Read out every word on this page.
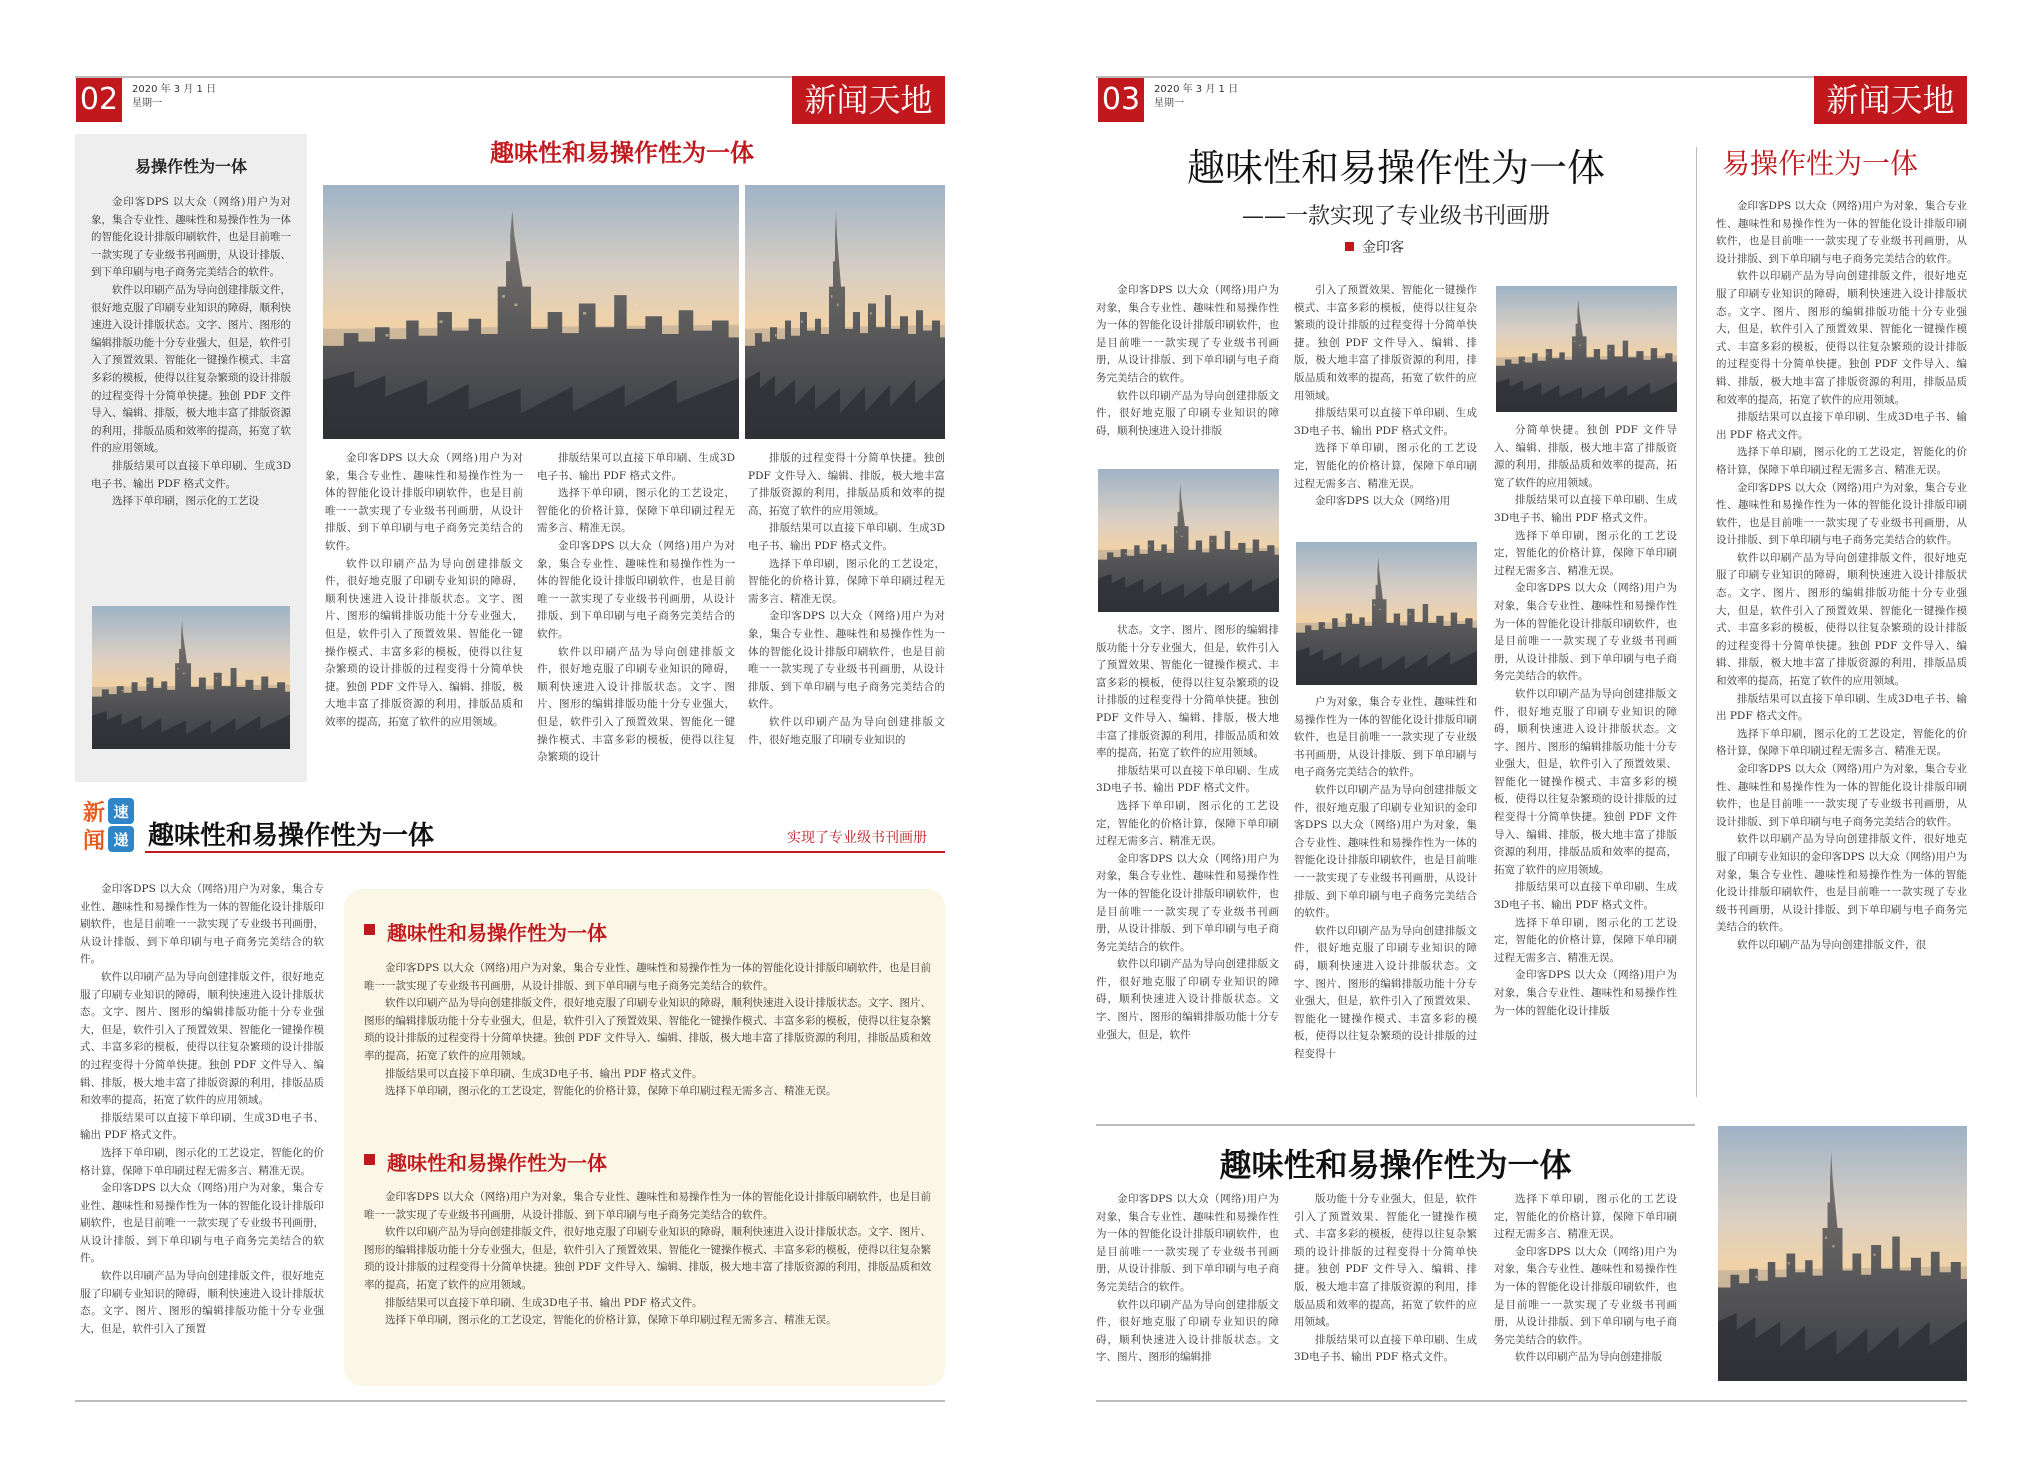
02	2020 年 3 月 1 日
星期一	新闻天地
易操作性为一体

金印客DPS 以大众（网络)用户为对象，集合专业性、趣味性和易操作性为一体的智能化设计排版印刷软件，也是目前唯一一款实现了专业级书刊画册，从设计排版、到下单印刷与电子商务完美结合的软件。

软件以印刷产品为导向创建排版文件，很好地克服了印刷专业知识的障碍，顺利快速进入设计排版状态。文字、图片、图形的编辑排版功能十分专业强大，但是，软件引入了预置效果、智能化一键操作模式、丰富多彩的模板，使得以往复杂繁琐的设计排版的过程变得十分简单快捷。独创 PDF 文件导入、编辑、排版，极大地丰富了排版资源的利用，排版品质和效率的提高，拓宽了软件的应用领域。

排版结果可以直接下单印刷、生成3D电子书、输出 PDF 格式文件。

选择下单印刷，图示化的工艺设

趣味性和易操作性为一体

金印客DPS 以大众（网络)用户为对象，集合专业性、趣味性和易操作性为一体的智能化设计排版印刷软件，也是目前唯一一款实现了专业级书刊画册，从设计排版、到下单印刷与电子商务完美结合的软件。

软件以印刷产品为导向创建排版文件，很好地克服了印刷专业知识的障碍，顺利快速进入设计排版状态。文字、图片、图形的编辑排版功能十分专业强大，但是，软件引入了预置效果、智能化一键操作模式、丰富多彩的模板，使得以往复杂繁琐的设计排版的过程变得十分简单快捷。独创 PDF 文件导入、编辑、排版，极大地丰富了排版资源的利用，排版品质和效率的提高，拓宽了软件的应用领域。

排版结果可以直接下单印刷、生成3D电子书、输出 PDF 格式文件。

选择下单印刷，图示化的工艺设定，智能化的价格计算，保障下单印刷过程无需多言、精准无误。

金印客DPS 以大众（网络)用户为对象，集合专业性、趣味性和易操作性为一体的智能化设计排版印刷软件，也是目前唯一一款实现了专业级书刊画册，从设计排版、到下单印刷与电子商务完美结合的软件。

软件以印刷产品为导向创建排版文件，很好地克服了印刷专业知识的障碍，顺利快速进入设计排版状态。文字、图片、图形的编辑排版功能十分专业强大，但是，软件引入了预置效果、智能化一键操作模式、丰富多彩的模板，使得以往复杂繁琐的设计

排版的过程变得十分简单快捷。独创 PDF 文件导入、编辑、排版，极大地丰富了排版资源的利用，排版品质和效率的提高，拓宽了软件的应用领域。

排版结果可以直接下单印刷、生成3D电子书、输出 PDF 格式文件。

选择下单印刷，图示化的工艺设定，智能化的价格计算，保障下单印刷过程无需多言、精准无误。

金印客DPS 以大众（网络)用户为对象，集合专业性、趣味性和易操作性为一体的智能化设计排版印刷软件，也是目前唯一一款实现了专业级书刊画册，从设计排版、到下单印刷与电子商务完美结合的软件。

软件以印刷产品为导向创建排版文件，很好地克服了印刷专业知识的

新 速
闻 递 趣味性和易操作性为一体	实现了专业级书刊画册

金印客DPS 以大众（网络)用户为对象，集合专业性、趣味性和易操作性为一体的智能化设计排版印刷软件，也是目前唯一一款实现了专业级书刊画册，从设计排版、到下单印刷与电子商务完美结合的软件。

软件以印刷产品为导向创建排版文件，很好地克服了印刷专业知识的障碍，顺利快速进入设计排版状态。文字、图片、图形的编辑排版功能十分专业强大，但是，软件引入了预置效果、智能化一键操作模式、丰富多彩的模板，使得以往复杂繁琐的设计排版的过程变得十分简单快捷。独创 PDF 文件导入、编辑、排版，极大地丰富了排版资源的利用，排版品质和效率的提高，拓宽了软件的应用领域。

排版结果可以直接下单印刷、生成3D电子书、输出 PDF 格式文件。

选择下单印刷，图示化的工艺设定，智能化的价格计算，保障下单印刷过程无需多言、精准无误。

金印客DPS 以大众（网络)用户为对象，集合专业性、趣味性和易操作性为一体的智能化设计排版印刷软件，也是目前唯一一款实现了专业级书刊画册，从设计排版、到下单印刷与电子商务完美结合的软件。

软件以印刷产品为导向创建排版文件，很好地克服了印刷专业知识的障碍，顺利快速进入设计排版状态。文字、图片、图形的编辑排版功能十分专业强大，但是，软件引入了预置

趣味性和易操作性为一体

金印客DPS 以大众（网络)用户为对象，集合专业性、趣味性和易操作性为一体的智能化设计排版印刷软件，也是目前唯一一款实现了专业级书刊画册，从设计排版、到下单印刷与电子商务完美结合的软件。

软件以印刷产品为导向创建排版文件，很好地克服了印刷专业知识的障碍，顺利快速进入设计排版状态。文字、图片、图形的编辑排版功能十分专业强大，但是，软件引入了预置效果、智能化一键操作模式、丰富多彩的模板，使得以往复杂繁琐的设计排版的过程变得十分简单快捷。独创 PDF 文件导入、编辑、排版，极大地丰富了排版资源的利用，排版品质和效率的提高，拓宽了软件的应用领域。

排版结果可以直接下单印刷、生成3D电子书、输出 PDF 格式文件。

选择下单印刷，图示化的工艺设定，智能化的价格计算，保障下单印刷过程无需多言、精准无误。

趣味性和易操作性为一体

金印客DPS 以大众（网络)用户为对象，集合专业性、趣味性和易操作性为一体的智能化设计排版印刷软件，也是目前唯一一款实现了专业级书刊画册，从设计排版、到下单印刷与电子商务完美结合的软件。

软件以印刷产品为导向创建排版文件，很好地克服了印刷专业知识的障碍，顺利快速进入设计排版状态。文字、图片、图形的编辑排版功能十分专业强大，但是，软件引入了预置效果、智能化一键操作模式、丰富多彩的模板，使得以往复杂繁琐的设计排版的过程变得十分简单快捷。独创 PDF 文件导入、编辑、排版，极大地丰富了排版资源的利用，排版品质和效率的提高，拓宽了软件的应用领域。

排版结果可以直接下单印刷、生成3D电子书、输出 PDF 格式文件。

选择下单印刷，图示化的工艺设定，智能化的价格计算，保障下单印刷过程无需多言、精准无误。

03	2020 年 3 月 1 日
星期一	新闻天地
趣味性和易操作性为一体
——一款实现了专业级书刊画册
金印客

金印客DPS 以大众（网络)用户为对象，集合专业性、趣味性和易操作性为一体的智能化设计排版印刷软件，也是目前唯一一款实现了专业级书刊画册，从设计排版、到下单印刷与电子商务完美结合的软件。

软件以印刷产品为导向创建排版文件，很好地克服了印刷专业知识的障碍，顺利快速进入设计排版

状态。文字、图片、图形的编辑排版功能十分专业强大，但是，软件引入了预置效果、智能化一键操作模式、丰富多彩的模板，使得以往复杂繁琐的设计排版的过程变得十分简单快捷。独创 PDF 文件导入、编辑、排版，极大地丰富了排版资源的利用，排版品质和效率的提高，拓宽了软件的应用领域。

排版结果可以直接下单印刷、生成3D电子书、输出 PDF 格式文件。

选择下单印刷，图示化的工艺设定，智能化的价格计算，保障下单印刷过程无需多言、精准无误。

金印客DPS 以大众（网络)用户为对象，集合专业性、趣味性和易操作性为一体的智能化设计排版印刷软件，也是目前唯一一款实现了专业级书刊画册，从设计排版、到下单印刷与电子商务完美结合的软件。

软件以印刷产品为导向创建排版文件，很好地克服了印刷专业知识的障碍，顺利快速进入设计排版状态。文字、图片、图形的编辑排版功能十分专业强大，但是，软件

引入了预置效果、智能化一键操作模式、丰富多彩的模板，使得以往复杂繁琐的设计排版的过程变得十分简单快捷。独创 PDF 文件导入、编辑、排版，极大地丰富了排版资源的利用，排版品质和效率的提高，拓宽了软件的应用领域。

排版结果可以直接下单印刷、生成3D电子书、输出 PDF 格式文件。

选择下单印刷，图示化的工艺设定，智能化的价格计算，保障下单印刷过程无需多言、精准无误。

金印客DPS 以大众（网络)用

户为对象，集合专业性、趣味性和易操作性为一体的智能化设计排版印刷软件，也是目前唯一一款实现了专业级书刊画册，从设计排版、到下单印刷与电子商务完美结合的软件。

软件以印刷产品为导向创建排版文件，很好地克服了印刷专业知识的金印客DPS 以大众（网络)用户为对象，集合专业性、趣味性和易操作性为一体的智能化设计排版印刷软件，也是目前唯一一款实现了专业级书刊画册，从设计排版、到下单印刷与电子商务完美结合的软件。

软件以印刷产品为导向创建排版文件，很好地克服了印刷专业知识的障碍，顺利快速进入设计排版状态。文字、图片、图形的编辑排版功能十分专业强大，但是，软件引入了预置效果、智能化一键操作模式、丰富多彩的模板，使得以往复杂繁琐的设计排版的过程变得十

分简单快捷。独创 PDF 文件导入、编辑、排版，极大地丰富了排版资源的利用，排版品质和效率的提高，拓宽了软件的应用领域。

排版结果可以直接下单印刷、生成3D电子书、输出 PDF 格式文件。

选择下单印刷，图示化的工艺设定，智能化的价格计算，保障下单印刷过程无需多言、精准无误。

金印客DPS 以大众（网络)用户为对象，集合专业性、趣味性和易操作性为一体的智能化设计排版印刷软件，也是目前唯一一款实现了专业级书刊画册，从设计排版、到下单印刷与电子商务完美结合的软件。

软件以印刷产品为导向创建排版文件，很好地克服了印刷专业知识的障碍，顺利快速进入设计排版状态。文字、图片、图形的编辑排版功能十分专业强大，但是，软件引入了预置效果、智能化一键操作模式、丰富多彩的模板，使得以往复杂繁琐的设计排版的过程变得十分简单快捷。独创 PDF 文件导入、编辑、排版，极大地丰富了排版资源的利用，排版品质和效率的提高，拓宽了软件的应用领域。

排版结果可以直接下单印刷、生成3D电子书、输出 PDF 格式文件。

选择下单印刷，图示化的工艺设定，智能化的价格计算，保障下单印刷过程无需多言、精准无误。

金印客DPS 以大众（网络)用户为对象，集合专业性、趣味性和易操作性为一体的智能化设计排版

易操作性为一体

金印客DPS 以大众（网络)用户为对象，集合专业性、趣味性和易操作性为一体的智能化设计排版印刷软件，也是目前唯一一款实现了专业级书刊画册，从设计排版、到下单印刷与电子商务完美结合的软件。

软件以印刷产品为导向创建排版文件，很好地克服了印刷专业知识的障碍，顺利快速进入设计排版状态。文字、图片、图形的编辑排版功能十分专业强大，但是，软件引入了预置效果、智能化一键操作模式、丰富多彩的模板，使得以往复杂繁琐的设计排版的过程变得十分简单快捷。独创 PDF 文件导入、编辑、排版，极大地丰富了排版资源的利用，排版品质和效率的提高，拓宽了软件的应用领域。

排版结果可以直接下单印刷、生成3D电子书、输出 PDF 格式文件。

选择下单印刷，图示化的工艺设定，智能化的价格计算，保障下单印刷过程无需多言、精准无误。

金印客DPS 以大众（网络)用户为对象，集合专业性、趣味性和易操作性为一体的智能化设计排版印刷软件，也是目前唯一一款实现了专业级书刊画册，从设计排版、到下单印刷与电子商务完美结合的软件。

软件以印刷产品为导向创建排版文件，很好地克服了印刷专业知识的障碍，顺利快速进入设计排版状态。文字、图片、图形的编辑排版功能十分专业强大，但是，软件引入了预置效果、智能化一键操作模式、丰富多彩的模板，使得以往复杂繁琐的设计排版的过程变得十分简单快捷。独创 PDF 文件导入、编辑、排版，极大地丰富了排版资源的利用，排版品质和效率的提高，拓宽了软件的应用领域。

排版结果可以直接下单印刷、生成3D电子书、输出 PDF 格式文件。

选择下单印刷，图示化的工艺设定，智能化的价格计算，保障下单印刷过程无需多言、精准无误。

金印客DPS 以大众（网络)用户为对象，集合专业性、趣味性和易操作性为一体的智能化设计排版印刷软件，也是目前唯一一款实现了专业级书刊画册，从设计排版、到下单印刷与电子商务完美结合的软件。

软件以印刷产品为导向创建排版文件，很好地克服了印刷专业知识的金印客DPS 以大众（网络)用户为对象，集合专业性、趣味性和易操作性为一体的智能化设计排版印刷软件，也是目前唯一一款实现了专业级书刊画册，从设计排版、到下单印刷与电子商务完美结合的软件。

软件以印刷产品为导向创建排版文件，很

趣味性和易操作性为一体

金印客DPS 以大众（网络)用户为对象，集合专业性、趣味性和易操作性为一体的智能化设计排版印刷软件，也是目前唯一一款实现了专业级书刊画册，从设计排版、到下单印刷与电子商务完美结合的软件。

软件以印刷产品为导向创建排版文件，很好地克服了印刷专业知识的障碍，顺利快速进入设计排版状态。文字、图片、图形的编辑排

版功能十分专业强大，但是，软件引入了预置效果、智能化一键操作模式、丰富多彩的模板，使得以往复杂繁琐的设计排版的过程变得十分简单快捷。独创 PDF 文件导入、编辑、排版，极大地丰富了排版资源的利用，排版品质和效率的提高，拓宽了软件的应用领域。

排版结果可以直接下单印刷、生成3D电子书、输出 PDF 格式文件。

选择下单印刷，图示化的工艺设定，智能化的价格计算，保障下单印刷过程无需多言、精准无误。

金印客DPS 以大众（网络)用户为对象，集合专业性、趣味性和易操作性为一体的智能化设计排版印刷软件，也是目前唯一一款实现了专业级书刊画册，从设计排版、到下单印刷与电子商务完美结合的软件。

软件以印刷产品为导向创建排版
